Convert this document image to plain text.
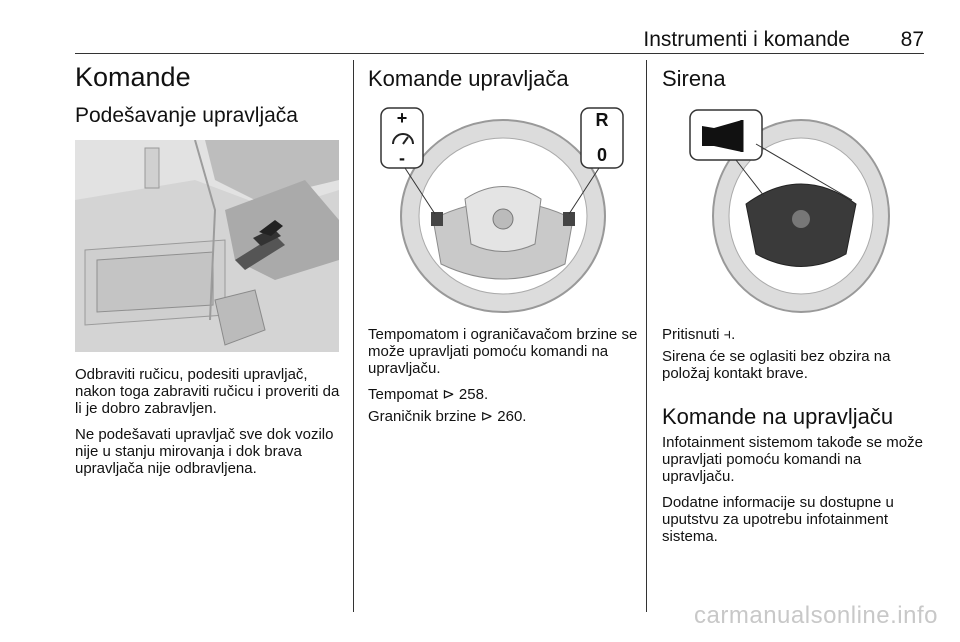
Instrumenti i komande 87
Komande
Podešavanje upravljača

Odbraviti ručicu, podesiti upravljač, nakon toga zabraviti ručicu i proveriti da li je dobro zabravljen.

Ne podešavati upravljač sve dok vozilo nije u stanju mirovanja i dok brava upravljača nije odbravljena.

Komande upravljača
+
-
R
0

Tempomatom i ograničavačom brzine se može upravljati pomoću komandi na upravljaču.

Tempomat ⊳ 258.

Graničnik brzine ⊳ 260.

Sirena

Pritisnuti ⫞.

Sirena će se oglasiti bez obzira na položaj kontakt brave.

Komande na upravljaču

Infotainment sistemom takođe se može upravljati pomoću komandi na upravljaču.

Dodatne informacije su dostupne u uputstvu za upotrebu infotainment sistema.

carmanualsonline.info
